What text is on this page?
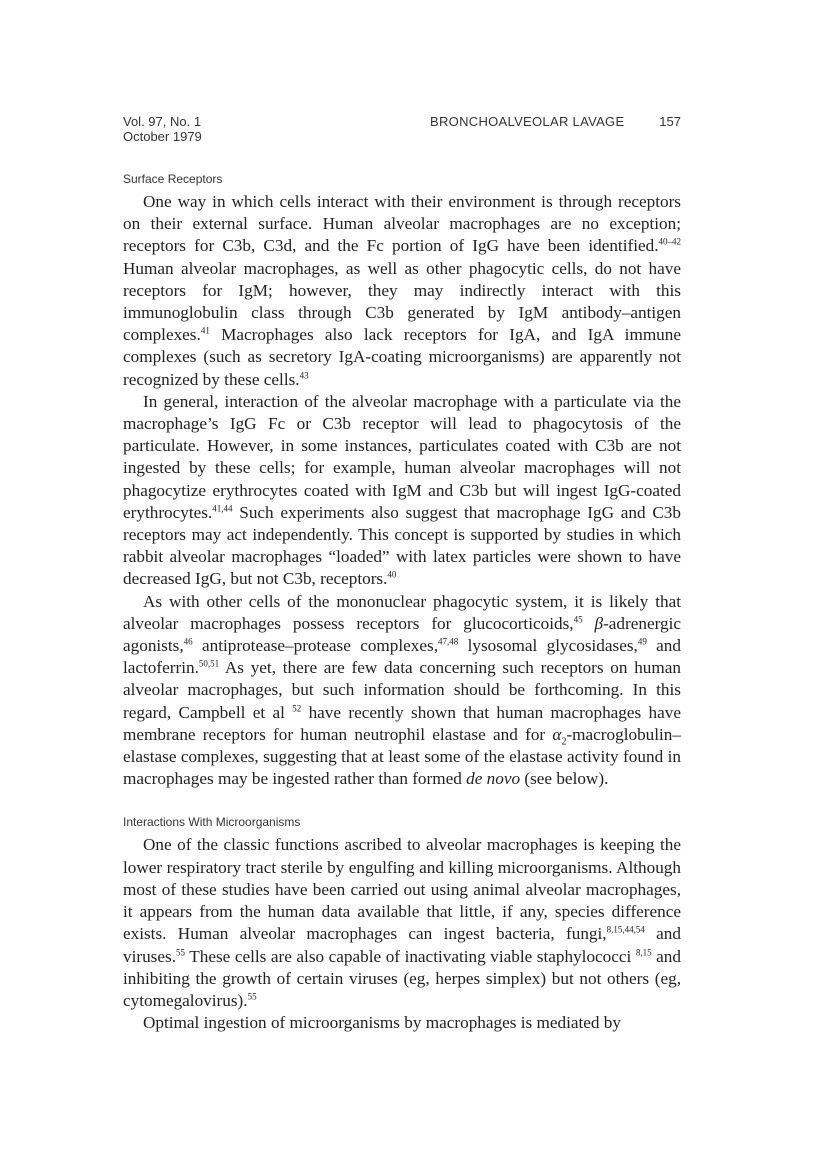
Vol. 97, No. 1
October 1979
BRONCHOALVEOLAR LAVAGE	157
Surface Receptors

One way in which cells interact with their environment is through receptors on their external surface. Human alveolar macrophages are no exception; receptors for C3b, C3d, and the Fc portion of IgG have been identified.$^{40-42}$ Human alveolar macrophages, as well as other phagocytic cells, do not have receptors for IgM; however, they may indirectly interact with this immunoglobulin class through C3b generated by IgM antibody–antigen complexes.$^{41}$ Macrophages also lack receptors for IgA, and IgA immune complexes (such as secretory IgA-coating microorganisms) are apparently not recognized by these cells.$^{43}$

In general, interaction of the alveolar macrophage with a particulate via the macrophage’s IgG Fc or C3b receptor will lead to phagocytosis of the particulate. However, in some instances, particulates coated with C3b are not ingested by these cells; for example, human alveolar macrophages will not phagocytize erythrocytes coated with IgM and C3b but will ingest IgG-coated erythrocytes.$^{41,44}$ Such experiments also suggest that macrophage IgG and C3b receptors may act independently. This concept is supported by studies in which rabbit alveolar macrophages “loaded” with latex particles were shown to have decreased IgG, but not C3b, receptors.$^{40}$

As with other cells of the mononuclear phagocytic system, it is likely that alveolar macrophages possess receptors for glucocorticoids,$^{45}$ β-adrenergic agonists,$^{46}$ antiprotease–protease complexes,$^{47,48}$ lysosomal glycosidases,$^{49}$ and lactoferrin.$^{50,51}$ As yet, there are few data concerning such receptors on human alveolar macrophages, but such information should be forthcoming. In this regard, Campbell et al $^{52}$ have recently shown that human macrophages have membrane receptors for human neutrophil elastase and for $\alpha_2-macroglobulin$–elastase complexes, suggesting that at least some of the elastase activity found in macrophages may be ingested rather than formed de novo (see below).

Interactions With Microorganisms

One of the classic functions ascribed to alveolar macrophages is keeping the lower respiratory tract sterile by engulfing and killing microorganisms. Although most of these studies have been carried out using animal alveolar macrophages, it appears from the human data available that little, if any, species difference exists. Human alveolar macrophages can ingest bacteria, fungi,$^{8,15,44,54}$ and viruses.$^{55}$ These cells are also capable of inactivating viable staphylococci $^{8,15}$ and inhibiting the growth of certain viruses (eg, herpes simplex) but not others (eg, cytomegalovirus).$^{55}$

Optimal ingestion of microorganisms by macrophages is mediated by
